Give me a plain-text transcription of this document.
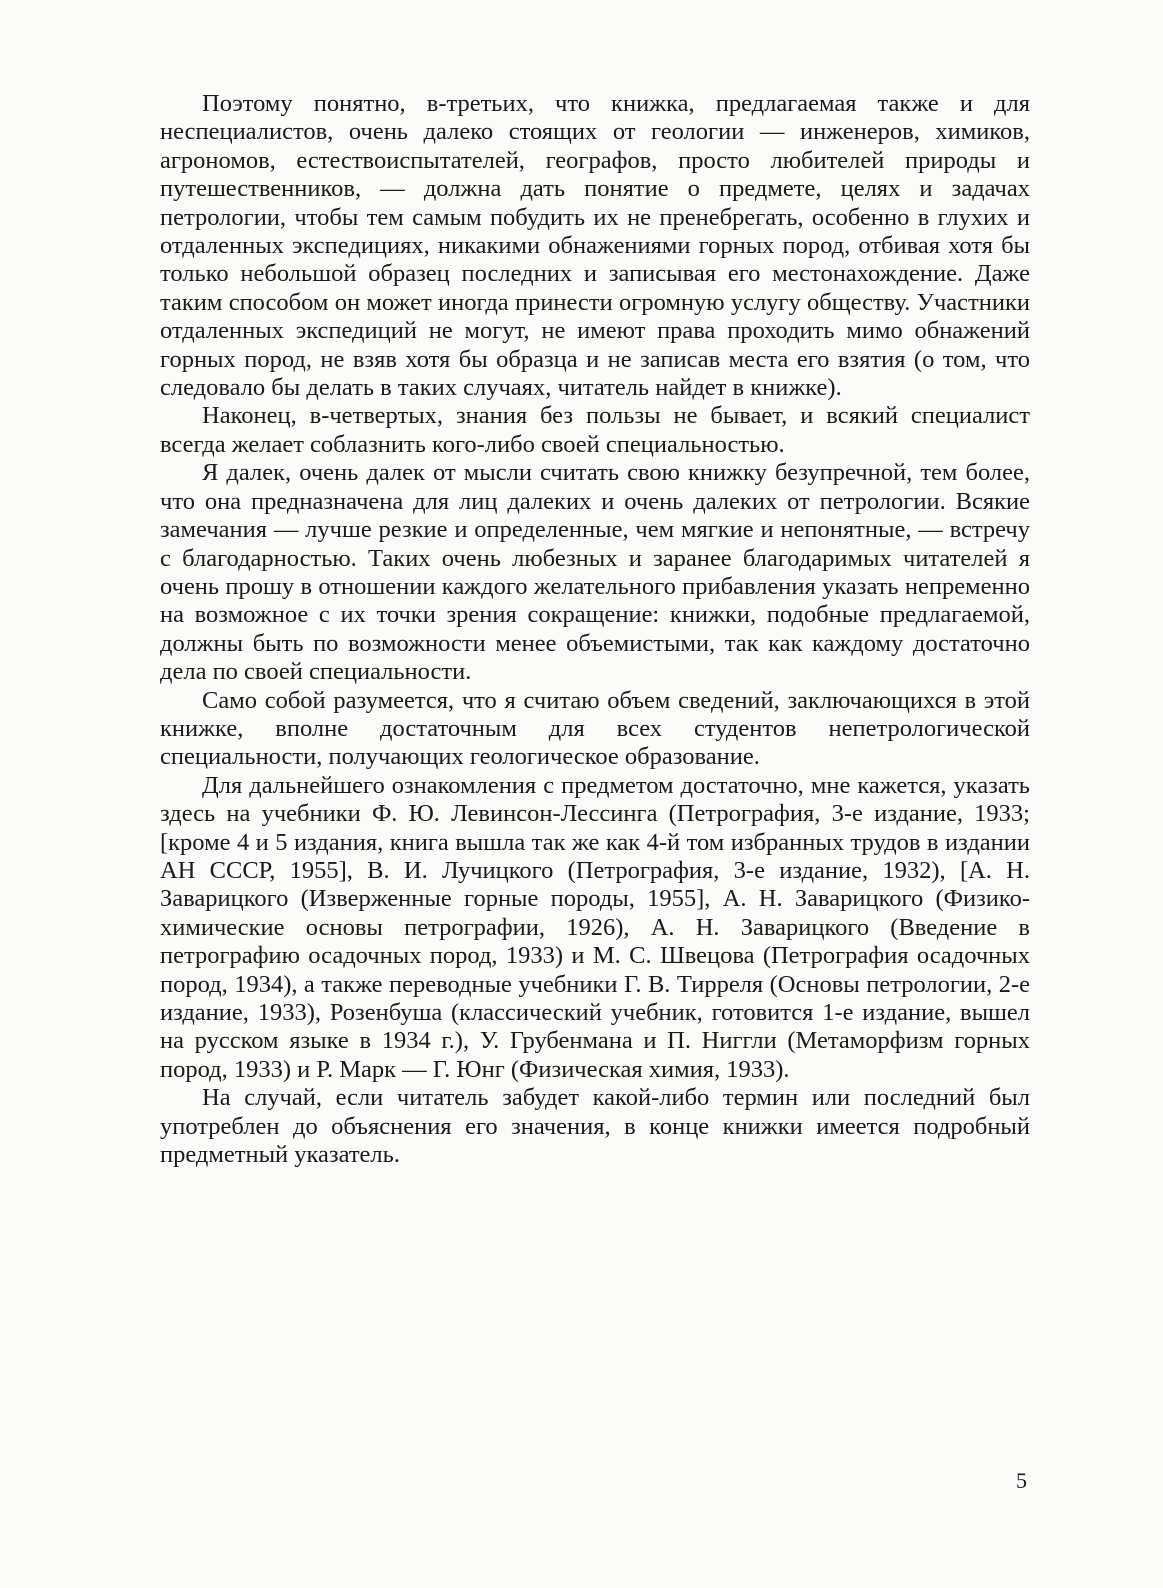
Поэтому понятно, в-третьих, что книжка, предлагаемая также и для неспециалистов, очень далеко стоящих от геологии — инженеров, химиков, агрономов, естествоиспытателей, географов, просто любителей природы и путешественников, — должна дать понятие о предмете, целях и задачах петрологии, чтобы тем самым побудить их не пренебрегать, особенно в глухих и отдаленных экспедициях, никакими обнажениями горных пород, отбивая хотя бы только небольшой образец последних и записывая его местонахождение. Даже таким способом он может иногда принести огромную услугу обществу. Участники отдаленных экспедиций не могут, не имеют права проходить мимо обнажений горных пород, не взяв хотя бы образца и не записав места его взятия (о том, что следовало бы делать в таких случаях, читатель найдет в книжке).

Наконец, в-четвертых, знания без пользы не бывает, и всякий специалист всегда желает соблазнить кого-либо своей специальностью.

Я далек, очень далек от мысли считать свою книжку безупречной, тем более, что она предназначена для лиц далеких и очень далеких от петрологии. Всякие замечания — лучше резкие и определенные, чем мягкие и непонятные, — встречу с благодарностью. Таких очень любезных и заранее благодаримых читателей я очень прошу в отношении каждого желательного прибавления указать непременно на возможное с их точки зрения сокращение: книжки, подобные предлагаемой, должны быть по возможности менее объемистыми, так как каждому достаточно дела по своей специальности.

Само собой разумеется, что я считаю объем сведений, заключающихся в этой книжке, вполне достаточным для всех студентов непетрологической специальности, получающих геологическое образование.

Для дальнейшего ознакомления с предметом достаточно, мне кажется, указать здесь на учебники Ф. Ю. Левинсон-Лессинга (Петрография, 3-е издание, 1933; [кроме 4 и 5 издания, книга вышла так же как 4-й том избранных трудов в издании АН СССР, 1955], В. И. Лучицкого (Петрография, 3-е издание, 1932), [А. Н. Заварицкого (Изверженные горные породы, 1955], А. Н. Заварицкого (Физико-химические основы петрографии, 1926), А. Н. Заварицкого (Введение в петрографию осадочных пород, 1933) и М. С. Швецова (Петрография осадочных пород, 1934), а также переводные учебники Г. В. Тирреля (Основы петрологии, 2-е издание, 1933), Розенбуша (классический учебник, готовится 1-е издание, вышел на русском языке в 1934 г.), У. Грубенмана и П. Ниггли (Метаморфизм горных пород, 1933) и Р. Марк — Г. Юнг (Физическая химия, 1933).

На случай, если читатель забудет какой-либо термин или последний был употреблен до объяснения его значения, в конце книжки имеется подробный предметный указатель.

5
